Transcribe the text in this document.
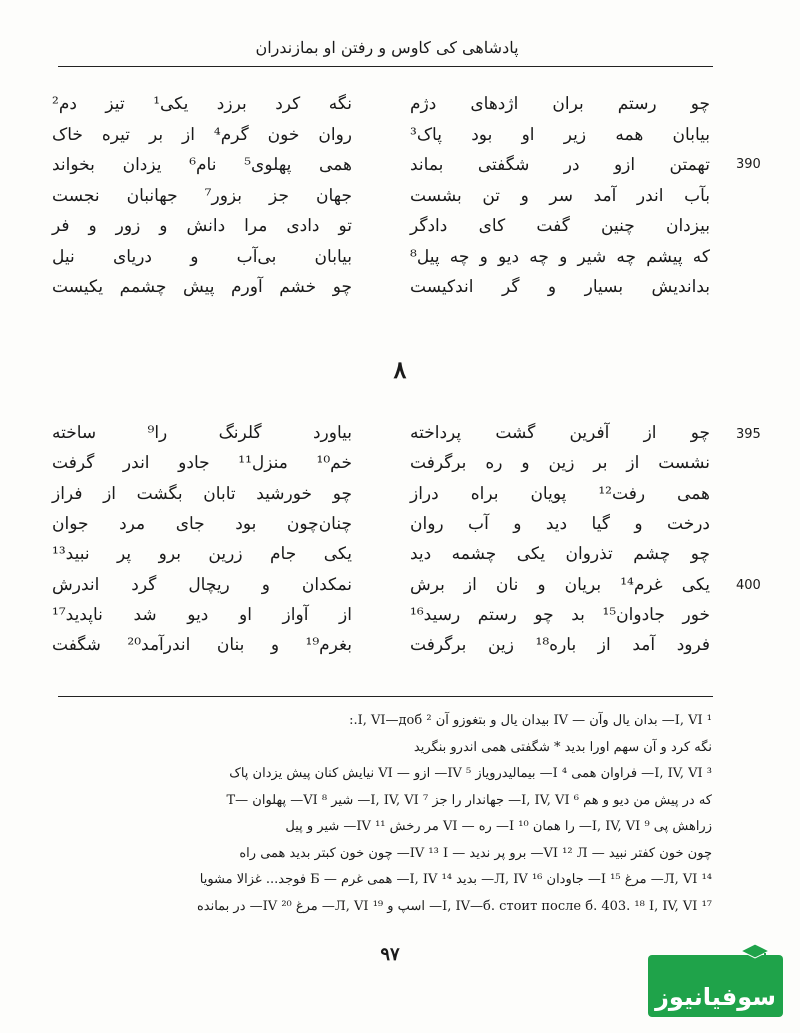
پادشاهی کی کاوس و رفتن او بمازندران
چو رستم بران اژدهای دژم
نگه کرد برزد یکی¹ تیز دم²
بیابان همه زیر او بود پاک³
روان خون گرم⁴ از بر تیره خاک
تهمتن ازو در شگفتی بماند
همی پهلوی⁵ نام⁶ یزدان بخواند
بآب اندر آمد سر و تن بشست
جهان جز بزور⁷ جهانبان نجست
بیزدان چنین گفت کای دادگر
تو دادی مرا دانش و زور و فر
که پیشم چه شیر و چه دیو و چه پیل⁸
بیابان بی‌آب و دریای نیل
بداندیش بسیار و گر اندکیست
چو خشم آورم پیش چشمم یکیست
390
۸
چو از آفرین گشت پرداخته
بیاورد گلرنگ را⁹ ساخته
نشست از بر زین و ره برگرفت
خم¹⁰ منزل¹¹ جادو اندر گرفت
همی رفت¹² پویان براه دراز
چو خورشید تابان بگشت از فراز
درخت و گیا دید و آب روان
چنان‌چون بود جای مرد جوان
چو چشم تذروان یکی چشمه دید
یکی جام زرین برو پر نبید¹³
یکی غرم¹⁴ بریان و نان از برش
نمکدان و ریچال گرد اندرش
خور جادوان¹⁵ بد چو رستم رسید¹⁶
از آواز او دیو شد ناپدید¹⁷
فرود آمد از باره¹⁸ زین برگرفت
بغرم¹⁹ و بنان اندرآمد²⁰ شگفت
395
400
¹ I, VI— بدان یال وآن — IV بیدان یال و بتغوزو آن ² I, VI—доб.:
نگه کرد و آن سهم اورا بدید * شگفتی همی اندرو بنگرید
³ I, IV, VI— فراوان همی ⁴ I— بیمالیدرویاز ⁵ IV— ازو — VI نیایش کنان پیش یزدان پاک
که در پیش من دیو و هم ⁶ I, IV, VI— جهاندار را جز ⁷ I, IV, VI— شیر ⁸ VI— پهلوان —T
زراهش پی ⁹ I, IV, VI— را همان ¹⁰ I— ره — VI مر رخش ¹¹ IV— شیر و پیل
چون خون کفتر نبید — VI ¹² Л— برو پر ندید — IV ¹³ I— چون خون کبتر بدید همی راه
¹⁴ Л, VI— مرغ ¹⁵ I— جاودان ¹⁶ Л, IV— بدید ¹⁴ I, IV— همی غرم — Б فوجد... غزالا مشویا
¹⁷ I, IV—б. стоит после б. 403. ¹⁸ I, IV, VI— اسپ و ¹⁹ Л, VI— مرغ ²⁰ IV— در بمانده
۹۷
سوفیانیوز
